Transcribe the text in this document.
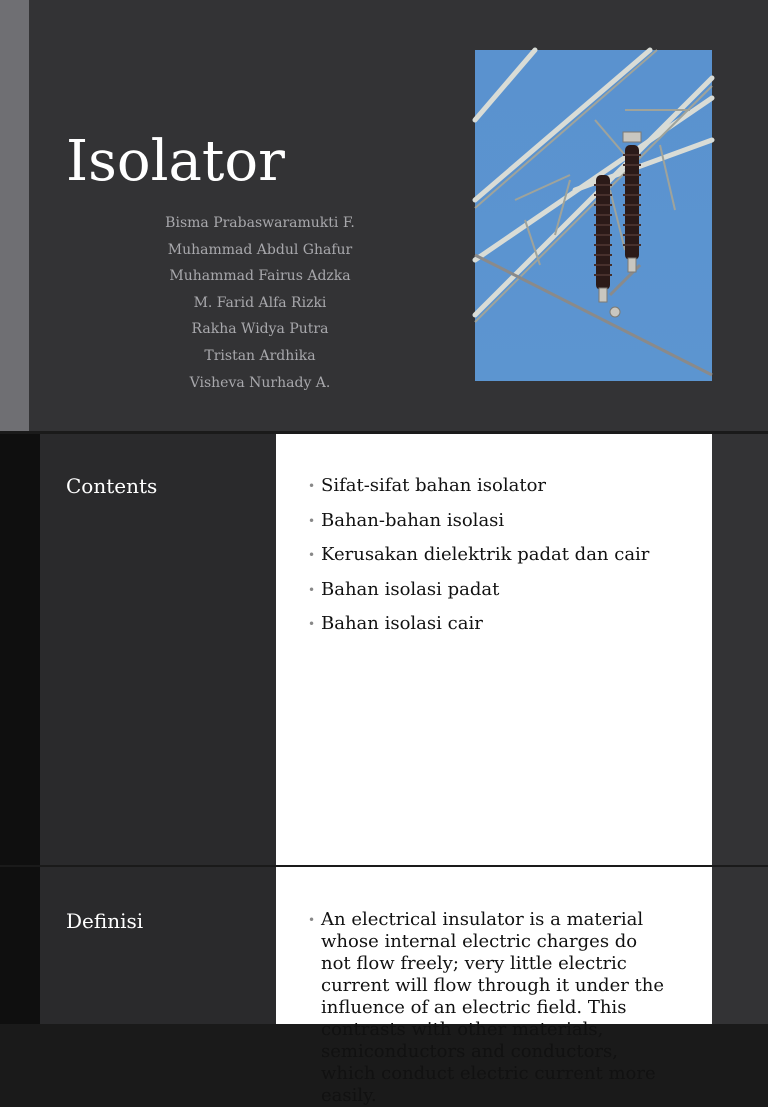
Isolator
Bisma Prabaswaramukti F.
Muhammad Abdul Ghafur
Muhammad Fairus Adzka
M. Farid Alfa Rizki
Rakha Widya Putra
Tristan Ardhika
Visheva Nurhady A.
Contents	• Sifat-sifat bahan isolator
• Bahan-bahan isolasi
• Kerusakan dielektrik padat dan cair
• Bahan isolasi padat
• Bahan isolasi cair
Definisi	• An electrical insulator is a material whose internal electric charges do not flow freely; very little electric current will flow through it under the influence of an electric field. This contrasts with other materials, semiconductors and conductors, which conduct electric current more easily.
